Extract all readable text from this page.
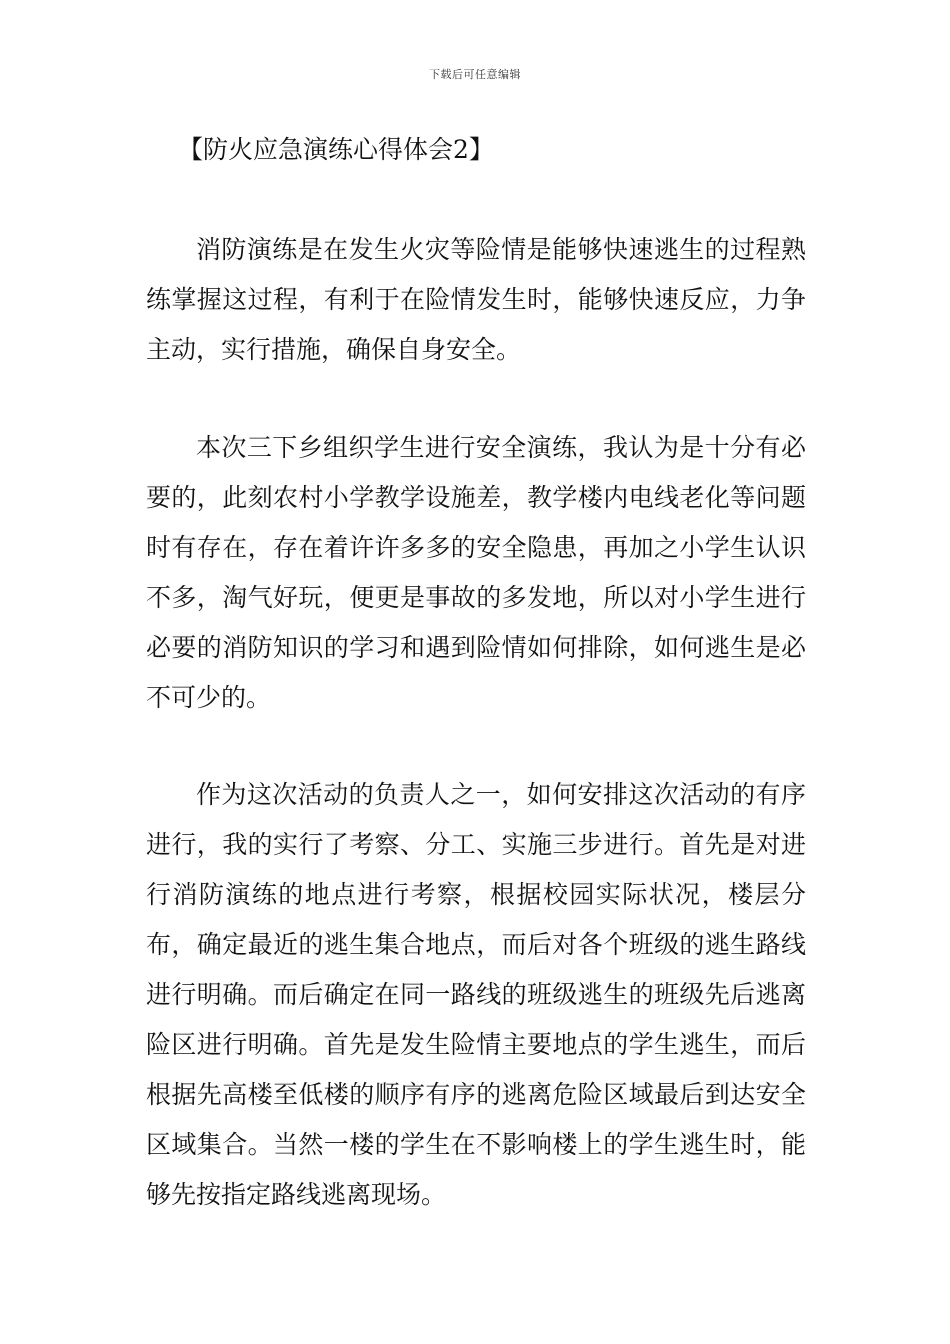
下载后可任意编辑
【防火应急演练心得体会2】

消防演练是在发生火灾等险情是能够快速逃生的过程熟练掌握这过程，有利于在险情发生时，能够快速反应，力争主动，实行措施，确保自身安全。

本次三下乡组织学生进行安全演练，我认为是十分有必要的，此刻农村小学教学设施差，教学楼内电线老化等问题时有存在，存在着许许多多的安全隐患，再加之小学生认识不多，淘气好玩，便更是事故的多发地，所以对小学生进行必要的消防知识的学习和遇到险情如何排除，如何逃生是必不可少的。

作为这次活动的负责人之一，如何安排这次活动的有序进行，我的实行了考察、分工、实施三步进行。首先是对进行消防演练的地点进行考察，根据校园实际状况，楼层分布，确定最近的逃生集合地点，而后对各个班级的逃生路线进行明确。而后确定在同一路线的班级逃生的班级先后逃离险区进行明确。首先是发生险情主要地点的学生逃生，而后根据先高楼至低楼的顺序有序的逃离危险区域最后到达安全区域集合。当然一楼的学生在不影响楼上的学生逃生时，能够先按指定路线逃离现场。
